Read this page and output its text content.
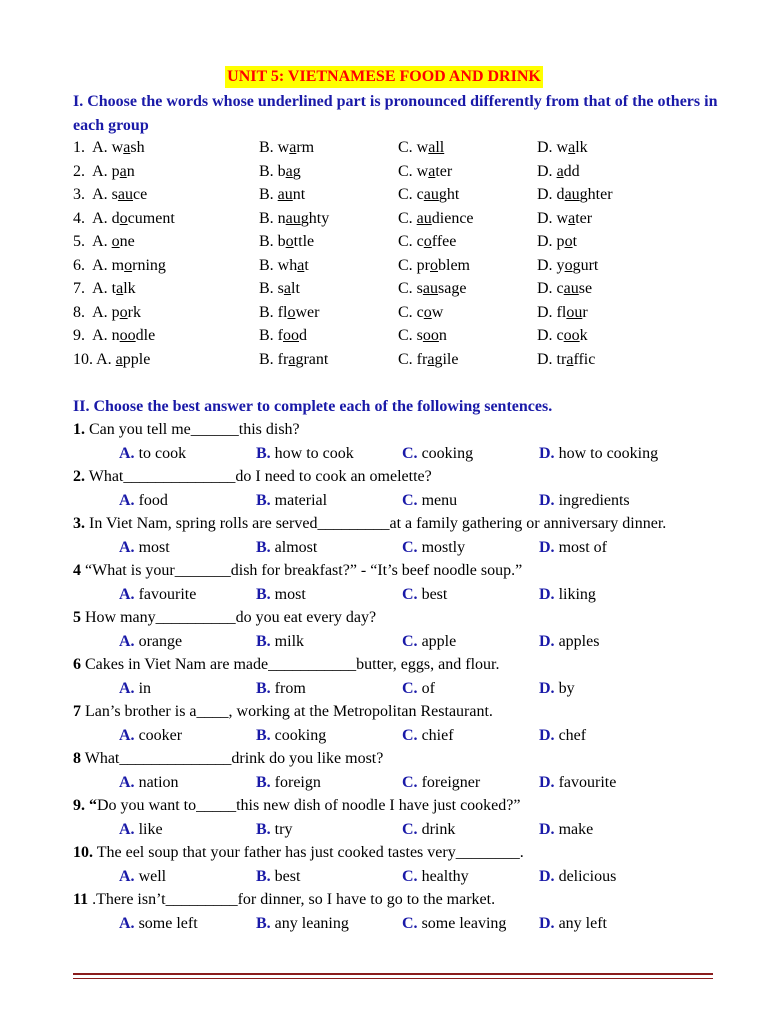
UNIT 5: VIETNAMESE FOOD AND DRINK
I. Choose the words whose underlined part is pronounced differently from that of the others in each group
1.  A. wash	B. warm	C. wall	D. walk
2.  A. pan	B. bag	C. water	D. add
3.  A. sauce	B. aunt	C. caught	D. daughter
4.  A. document	B. naughty	C. audience	D. water
5.  A. one	B. bottle	C. coffee	D. pot
6.  A. morning	B. what	C. problem	D. yogurt
7.  A. talk	B. salt	C. sausage	D. cause
8.  A. pork	B. flower	C. cow	D. flour
9.  A. noodle	B. food	C. soon	D. cook
10. A. apple	B. fragrant	C. fragile	D. traffic
II. Choose the best answer to complete each of the following sentences.
1. Can you tell me______this dish?
A. to cook	B. how to cook	C. cooking	D. how to cooking
2. What______________do I need to cook an omelette?
A. food	B. material	C. menu	D. ingredients
3. In Viet Nam, spring rolls are served_________at a family gathering or anniversary dinner.
A. most	B. almost	C. mostly	D. most of
4 “What is your_______dish for breakfast?” - “It’s beef noodle soup.”
A. favourite	B. most	C. best	D. liking
5 How many__________do you eat every day?
A. orange	B. milk	C. apple	D. apples
6 Cakes in Viet Nam are made___________butter, eggs, and flour.
A. in	B. from	C. of	D. by
7 Lan’s brother is a____, working at the Metropolitan Restaurant.
A. cooker	B. cooking	C. chief	D. chef
8 What______________drink do you like most?
A. nation	B. foreign	C. foreigner	D. favourite
9. “Do you want to_____this new dish of noodle I have just cooked?”
A. like	B. try	C. drink	D. make
10. The eel soup that your father has just cooked tastes very________.
A. well	B. best	C. healthy	D. delicious
11 .There isn’t_________for dinner, so I have to go to the market.
A. some left	B. any leaning	C. some leaving D. any left
